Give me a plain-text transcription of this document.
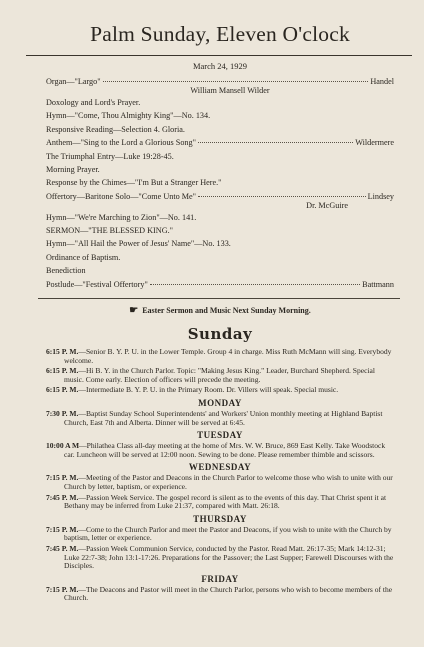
Palm Sunday, Eleven O'clock
March 24, 1929
Organ—"Largo"	Handel
William Mansell Wilder
Doxology and Lord's Prayer.
Hymn—"Come, Thou Almighty King"—No. 134.
Responsive Reading—Selection 4. Gloria.
Anthem—"Sing to the Lord a Glorious Song"	Wildermere
The Triumphal Entry—Luke 19:28-45.
Morning Prayer.
Response by the Chimes—"I'm But a Stranger Here."
Offertory—Baritone Solo—"Come Unto Me"	Lindsey
Dr. McGuire
Hymn—"We're Marching to Zion"—No. 141.
SERMON—"THE BLESSED KING."
Hymn—"All Hail the Power of Jesus' Name"—No. 133.
Ordinance of Baptism.
Benediction
Postlude—"Festival Offertory"	Battmann
☛ Easter Sermon and Music Next Sunday Morning.
Sunday
6:15 P. M.—Senior B. Y. P. U. in the Lower Temple. Group 4 in charge. Miss Ruth McMann will sing. Everybody welcome.
6:15 P. M.—Hi B. Y. in the Church Parlor. Topic: "Making Jesus King." Leader, Burchard Shepherd. Special music. Come early. Election of officers will precede the meeting.
6:15 P. M.—Intermediate B. Y. P. U. in the Primary Room. Dr. Villers will speak. Special music.
MONDAY
7:30 P. M.—Baptist Sunday School Superintendents' and Workers' Union monthly meeting at Highland Baptist Church, East 7th and Alberta. Dinner will be served at 6:45.
TUESDAY
10:00 A M—Philathea Class all-day meeting at the home of Mrs. W. W. Bruce, 869 East Kelly. Take Woodstock car. Luncheon will be served at 12:00 noon. Sewing to be done. Please remember thimble and scissors.
WEDNESDAY
7:15 P. M.—Meeting of the Pastor and Deacons in the Church Parlor to welcome those who wish to unite with our Church by letter, baptism, or experience.
7:45 P. M.—Passion Week Service. The gospel record is silent as to the events of this day. That Christ spent it at Bethany may be inferred from Luke 21:37, compared with Matt. 26:18.
THURSDAY
7:15 P. M.—Come to the Church Parlor and meet the Pastor and Deacons, if you wish to unite with the Church by baptism, letter or experience.
7:45 P. M.—Passion Week Communion Service, conducted by the Pastor. Read Matt. 26:17-35; Mark 14:12-31; Luke 22:7-38; John 13:1-17:26. Preparations for the Passover; the Last Supper; Farewell Discourses with the Disciples.
FRIDAY
7:15 P. M.—The Deacons and Pastor will meet in the Church Parlor, persons who wish to become members of the Church.
